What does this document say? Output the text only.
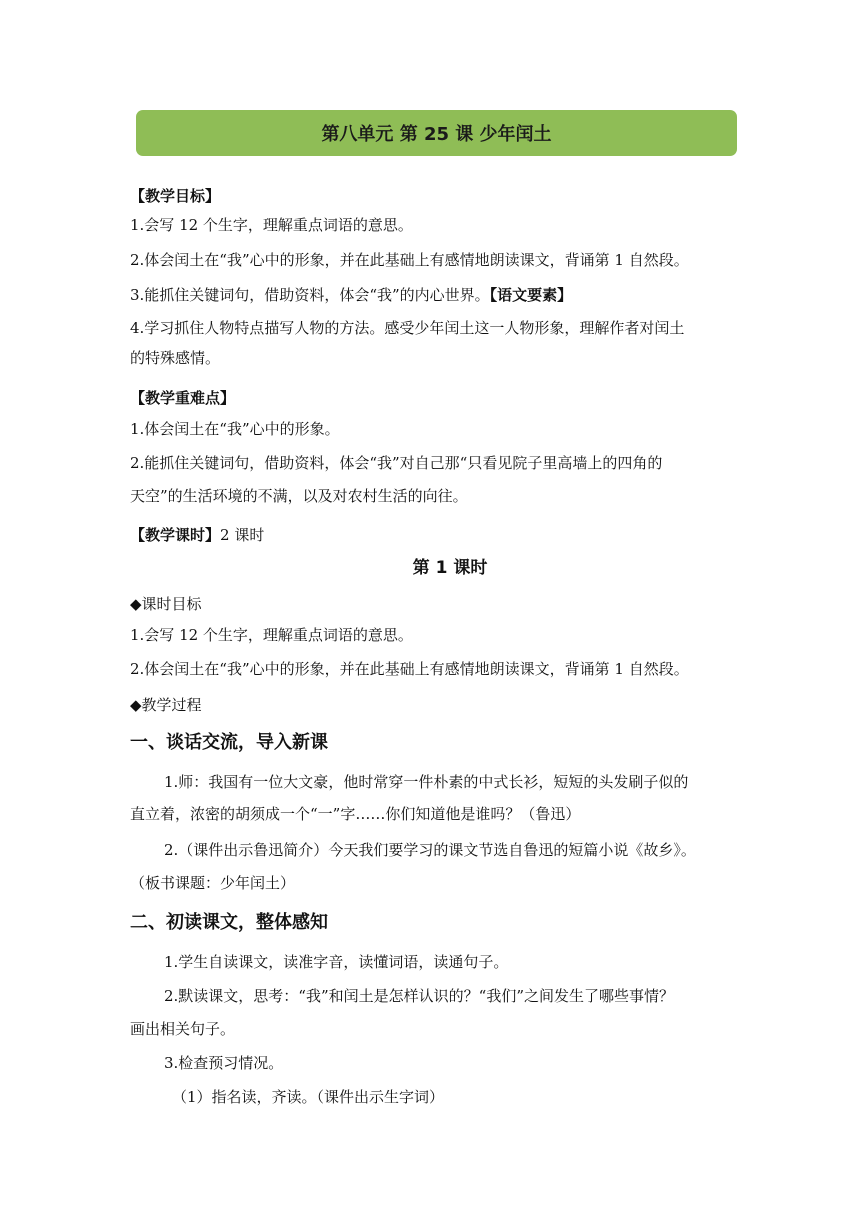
第八单元 第 25 课 少年闰土
【教学目标】
1.会写 12 个生字，理解重点词语的意思。
2.体会闰土在“我”心中的形象，并在此基础上有感情地朗读课文，背诵第 1 自然段。
3.能抓住关键词句，借助资料，体会“我”的内心世界。【语文要素】
4.学习抓住人物特点描写人物的方法。感受少年闰土这一人物形象，理解作者对闰土
的特殊感情。
【教学重难点】
1.体会闰土在“我”心中的形象。
2.能抓住关键词句，借助资料，体会“我”对自己那“只看见院子里高墙上的四角的
天空”的生活环境的不满，以及对农村生活的向往。
【教学课时】2 课时
第 1 课时
◆课时目标
1.会写 12 个生字，理解重点词语的意思。
2.体会闰土在“我”心中的形象，并在此基础上有感情地朗读课文，背诵第 1 自然段。
◆教学过程
一、谈话交流，导入新课
1.师：我国有一位大文豪，他时常穿一件朴素的中式长衫，短短的头发刷子似的
直立着，浓密的胡须成一个“一”字……你们知道他是谁吗？（鲁迅）
2.（课件出示鲁迅简介）今天我们要学习的课文节选自鲁迅的短篇小说《故乡》。
（板书课题：少年闰土）
二、初读课文，整体感知
1.学生自读课文，读准字音，读懂词语，读通句子。
2.默读课文，思考：“我”和闰土是怎样认识的？“我们”之间发生了哪些事情？
画出相关句子。
3.检查预习情况。
（1）指名读，齐读。（课件出示生字词）
